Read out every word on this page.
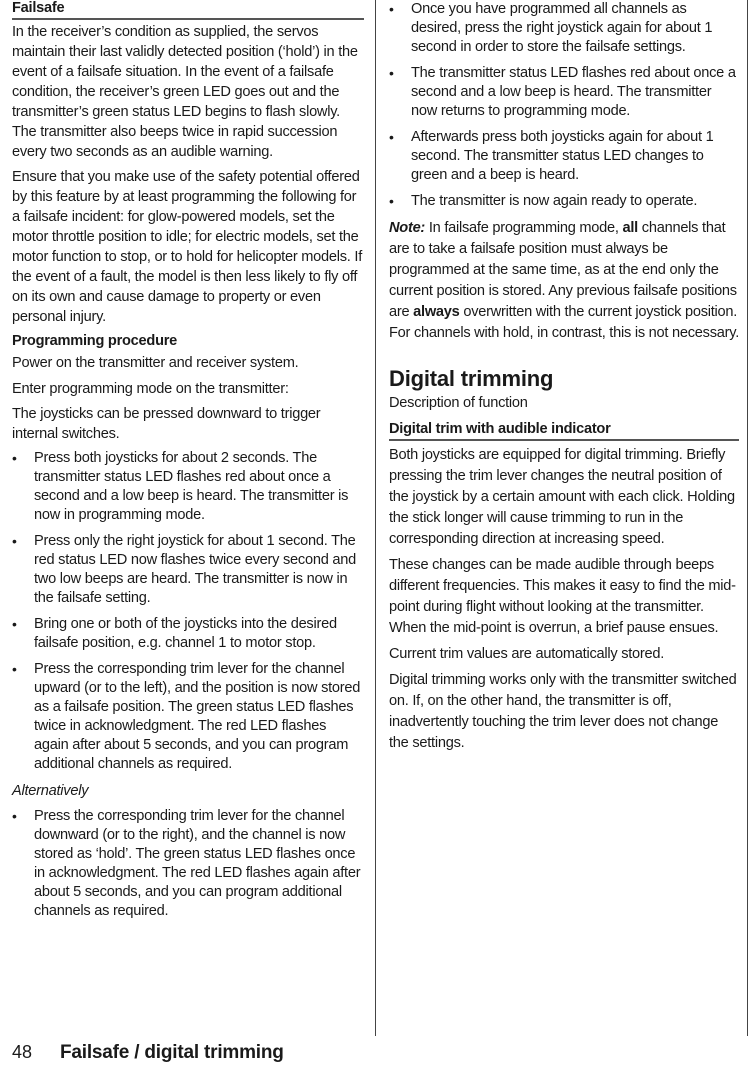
Failsafe

In the receiver’s condition as supplied, the servos maintain their last validly detected position (‘hold’) in the event of a failsafe situation. In the event of a failsafe condition, the receiver’s green LED goes out and the transmitter’s green status LED begins to flash slowly. The transmitter also beeps twice in rapid succession every two seconds as an audible warning.

Ensure that you make use of the safety potential offered by this feature by at least programming the following for a failsafe incident: for glow-powered models, set the motor throttle position to idle; for electric models, set the motor function to stop, or to hold for helicopter models. If the event of a fault, the model is then less likely to fly off on its own and cause damage to property or even personal injury.

Programming procedure

Power on the transmitter and receiver system.

Enter programming mode on the transmitter:

The joysticks can be pressed downward to trigger internal switches.

• Press both joysticks for about 2 seconds. The transmitter status LED flashes red about once a second and a low beep is heard. The transmitter is now in programming mode.
• Press only the right joystick for about 1 second. The red status LED now flashes twice every second and two low beeps are heard. The transmitter is now in the failsafe setting.
• Bring one or both of the joysticks into the desired failsafe position, e.g. channel 1 to motor stop.
• Press the corresponding trim lever for the channel upward (or to the left), and the position is now stored as a failsafe position. The green status LED flashes twice in acknowledgment. The red LED flashes again after about 5 seconds, and you can program additional channels as required.
Alternatively
• Press the corresponding trim lever for the channel downward (or to the right), and the channel is now stored as ‘hold’. The green status LED flashes once in acknowledgment. The red LED flashes again after about 5 seconds, and you can program additional channels as required.
• Once you have programmed all channels as desired, press the right joystick again for about 1 second in order to store the failsafe settings.
• The transmitter status LED flashes red about once a second and a low beep is heard. The transmitter now returns to programming mode.
• Afterwards press both joysticks again for about 1 second. The transmitter status LED changes to green and a beep is heard.
• The transmitter is now again ready to operate.

Note: In failsafe programming mode, all channels that are to take a failsafe position must always be programmed at the same time, as at the end only the current position is stored. Any previous failsafe positions are always overwritten with the current joystick position. For channels with hold, in contrast, this is not necessary.

Digital trimming
Description of function
Digital trim with audible indicator

Both joysticks are equipped for digital trimming. Briefly pressing the trim lever changes the neutral position of the joystick by a certain amount with each click. Holding the stick longer will cause trimming to run in the corresponding direction at increasing speed.

These changes can be made audible through beeps different frequencies. This makes it easy to find the mid-point during flight without looking at the transmitter. When the mid-point is overrun, a brief pause ensues.

Current trim values are automatically stored.

Digital trimming works only with the transmitter switched on. If, on the other hand, the transmitter is off, inadvertently touching the trim lever does not change the settings.

48 Failsafe / digital trimming
